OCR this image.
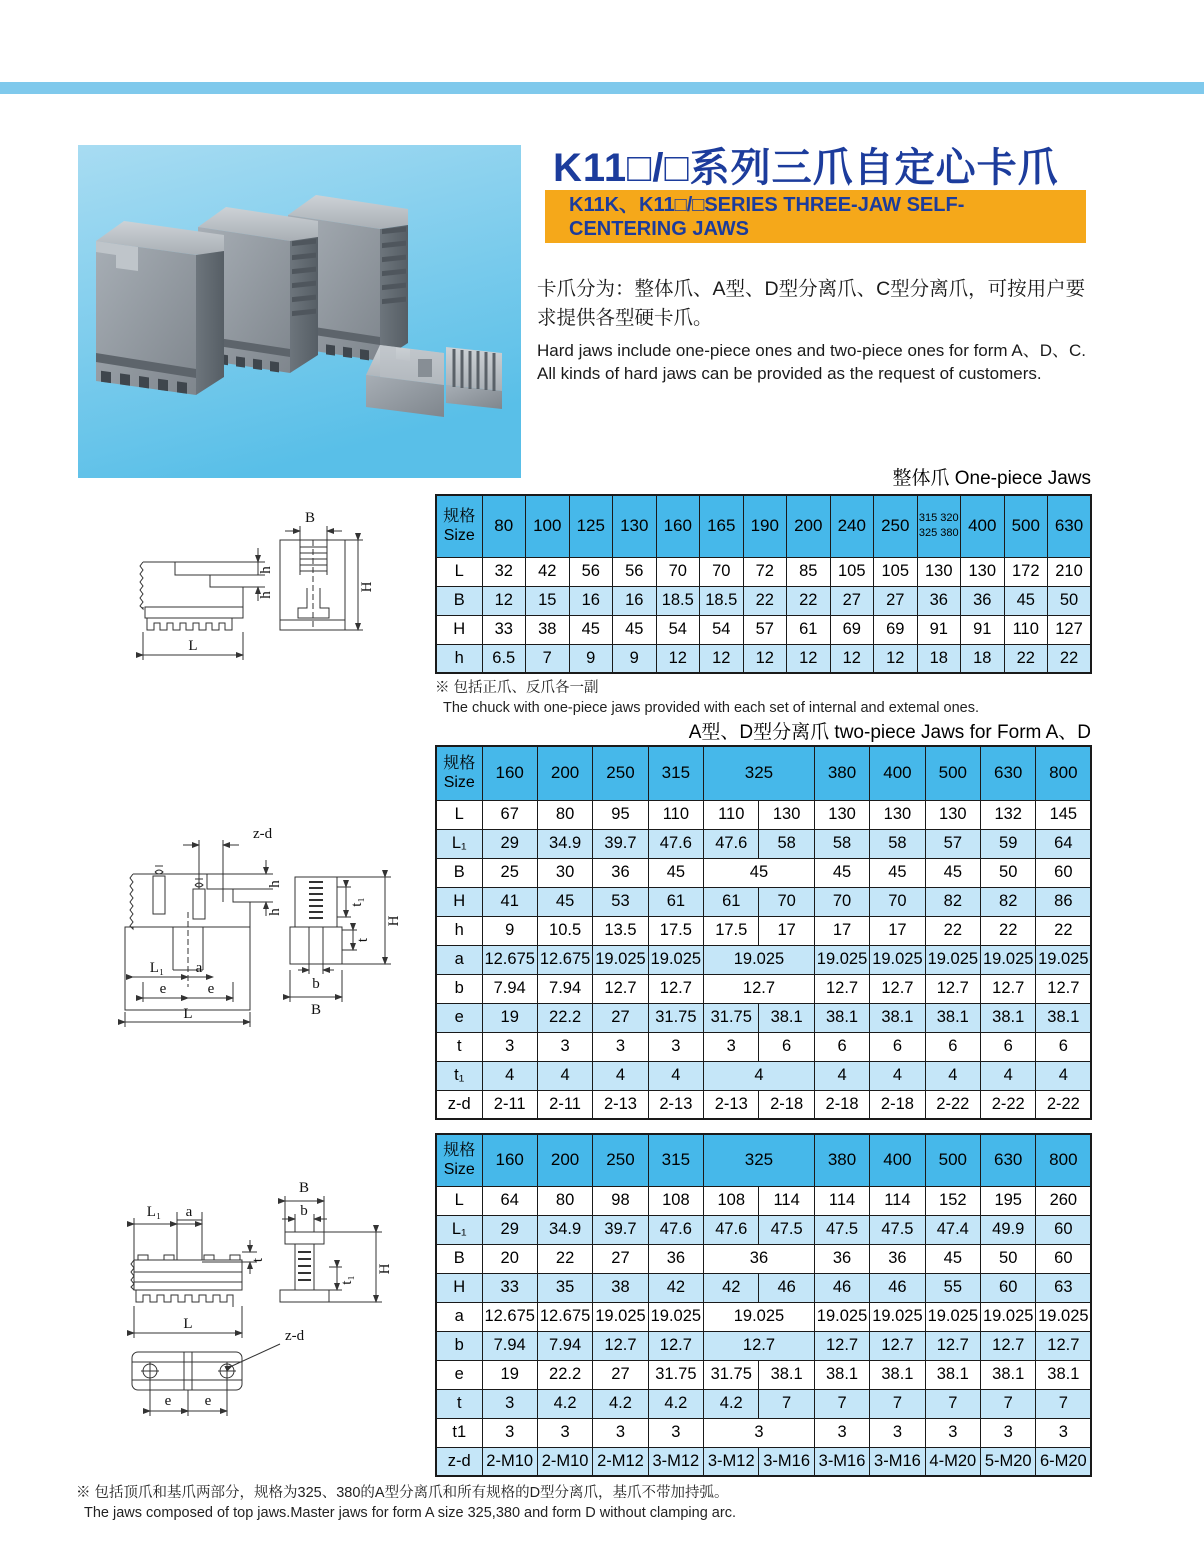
K11□/□系列三爪自定心卡爪
K11K、K11□/□SERIES THREE-JAW SELF-CENTERING JAWS

卡爪分为：整体爪、A型、D型分离爪、C型分离爪，可按用户要求提供各型硬卡爪。

Hard jaws include one-piece ones and two-piece ones for form A、D、C.
All kinds of hard jaws can be provided as the request of customers.

整体爪 One-piece Jaws
规格
Size
	80	100	125	130	160	165	190	200	240	250	315 320
325 380	400	500	630
L	32	42	56	56	70	70	72	85	105	105	130	130	172	210
B	12	15	16	16	18.5	18.5	22	22	27	27	36	36	45	50
H	33	38	45	45	54	54	57	61	69	69	91	91	110	127
h	6.5	7	9	9	12	12	12	12	12	12	18	18	22	22

※ 包括正爪、反爪各一副
The chuck with one-piece jaws provided with each set of internal and extemal ones.

A型、D型分离爪 two-piece Jaws for Form A、D
规格
Size	160	200	250	315	325		380	400	500	630	800
L	67	80	95	110	110	130	130	130	130	132	145
L₁	29	34.9	39.7	47.6	47.6	58	58	58	57	59	64
B	25	30	36	45	45		45	45	45	50	60
H	41	45	53	61	61	70	70	70	82	82	86
h	9	10.5	13.5	17.5	17.5	17	17	17	22	22	22
a	12.675	12.675	19.025	19.025	19.025		19.025	19.025	19.025	19.025	19.025
b	7.94	7.94	12.7	12.7	12.7		12.7	12.7	12.7	12.7	12.7
e	19	22.2	27	31.75	31.75	38.1	38.1	38.1	38.1	38.1	38.1
t	3	3	3	3	3	6	6	6	6	6	6
t₁	4	4	4	4	4		4	4	4	4	4
z-d	2-11	2-11	2-13	2-13	2-13	2-18	2-18	2-18	2-22	2-22	2-22
规格
Size	160	200	250	315	325		380	400	500	630	800
L	64	80	98	108	108	114	114	114	152	195	260
L₁	29	34.9	39.7	47.6	47.6	47.5	47.5	47.5	47.4	49.9	60
B	20	22	27	36	36		36	36	45	50	60
H	33	35	38	42	42	46	46	46	55	60	63
a	12.675	12.675	19.025	19.025	19.025		19.025	19.025	19.025	19.025	19.025
b	7.94	7.94	12.7	12.7	12.7		12.7	12.7	12.7	12.7	12.7
e	19	22.2	27	31.75	31.75	38.1	38.1	38.1	38.1	38.1	38.1
t	3	4.2	4.2	4.2	4.2	7	7	7	7	7	7
t1	3	3	3	3	3		3	3	3	3	3
z-d	2-M10	2-M10	2-M12	3-M12	3-M12	3-M16	3-M16	3-M16	4-M20	5-M20	6-M20

※ 包括顶爪和基爪两部分，规格为325、380的A型分离爪和所有规格的D型分离爪，基爪不带加持弧。
The jaws composed of top jaws.Master jaws for form A size 325,380 and form D without clamping arc.

B
h
h
H
L
z-d
h
h
L₁ a
e	e
L
b
B
t₁
t
H
L₁ a
t
L
B
b
t₁
H
z-d
e e
